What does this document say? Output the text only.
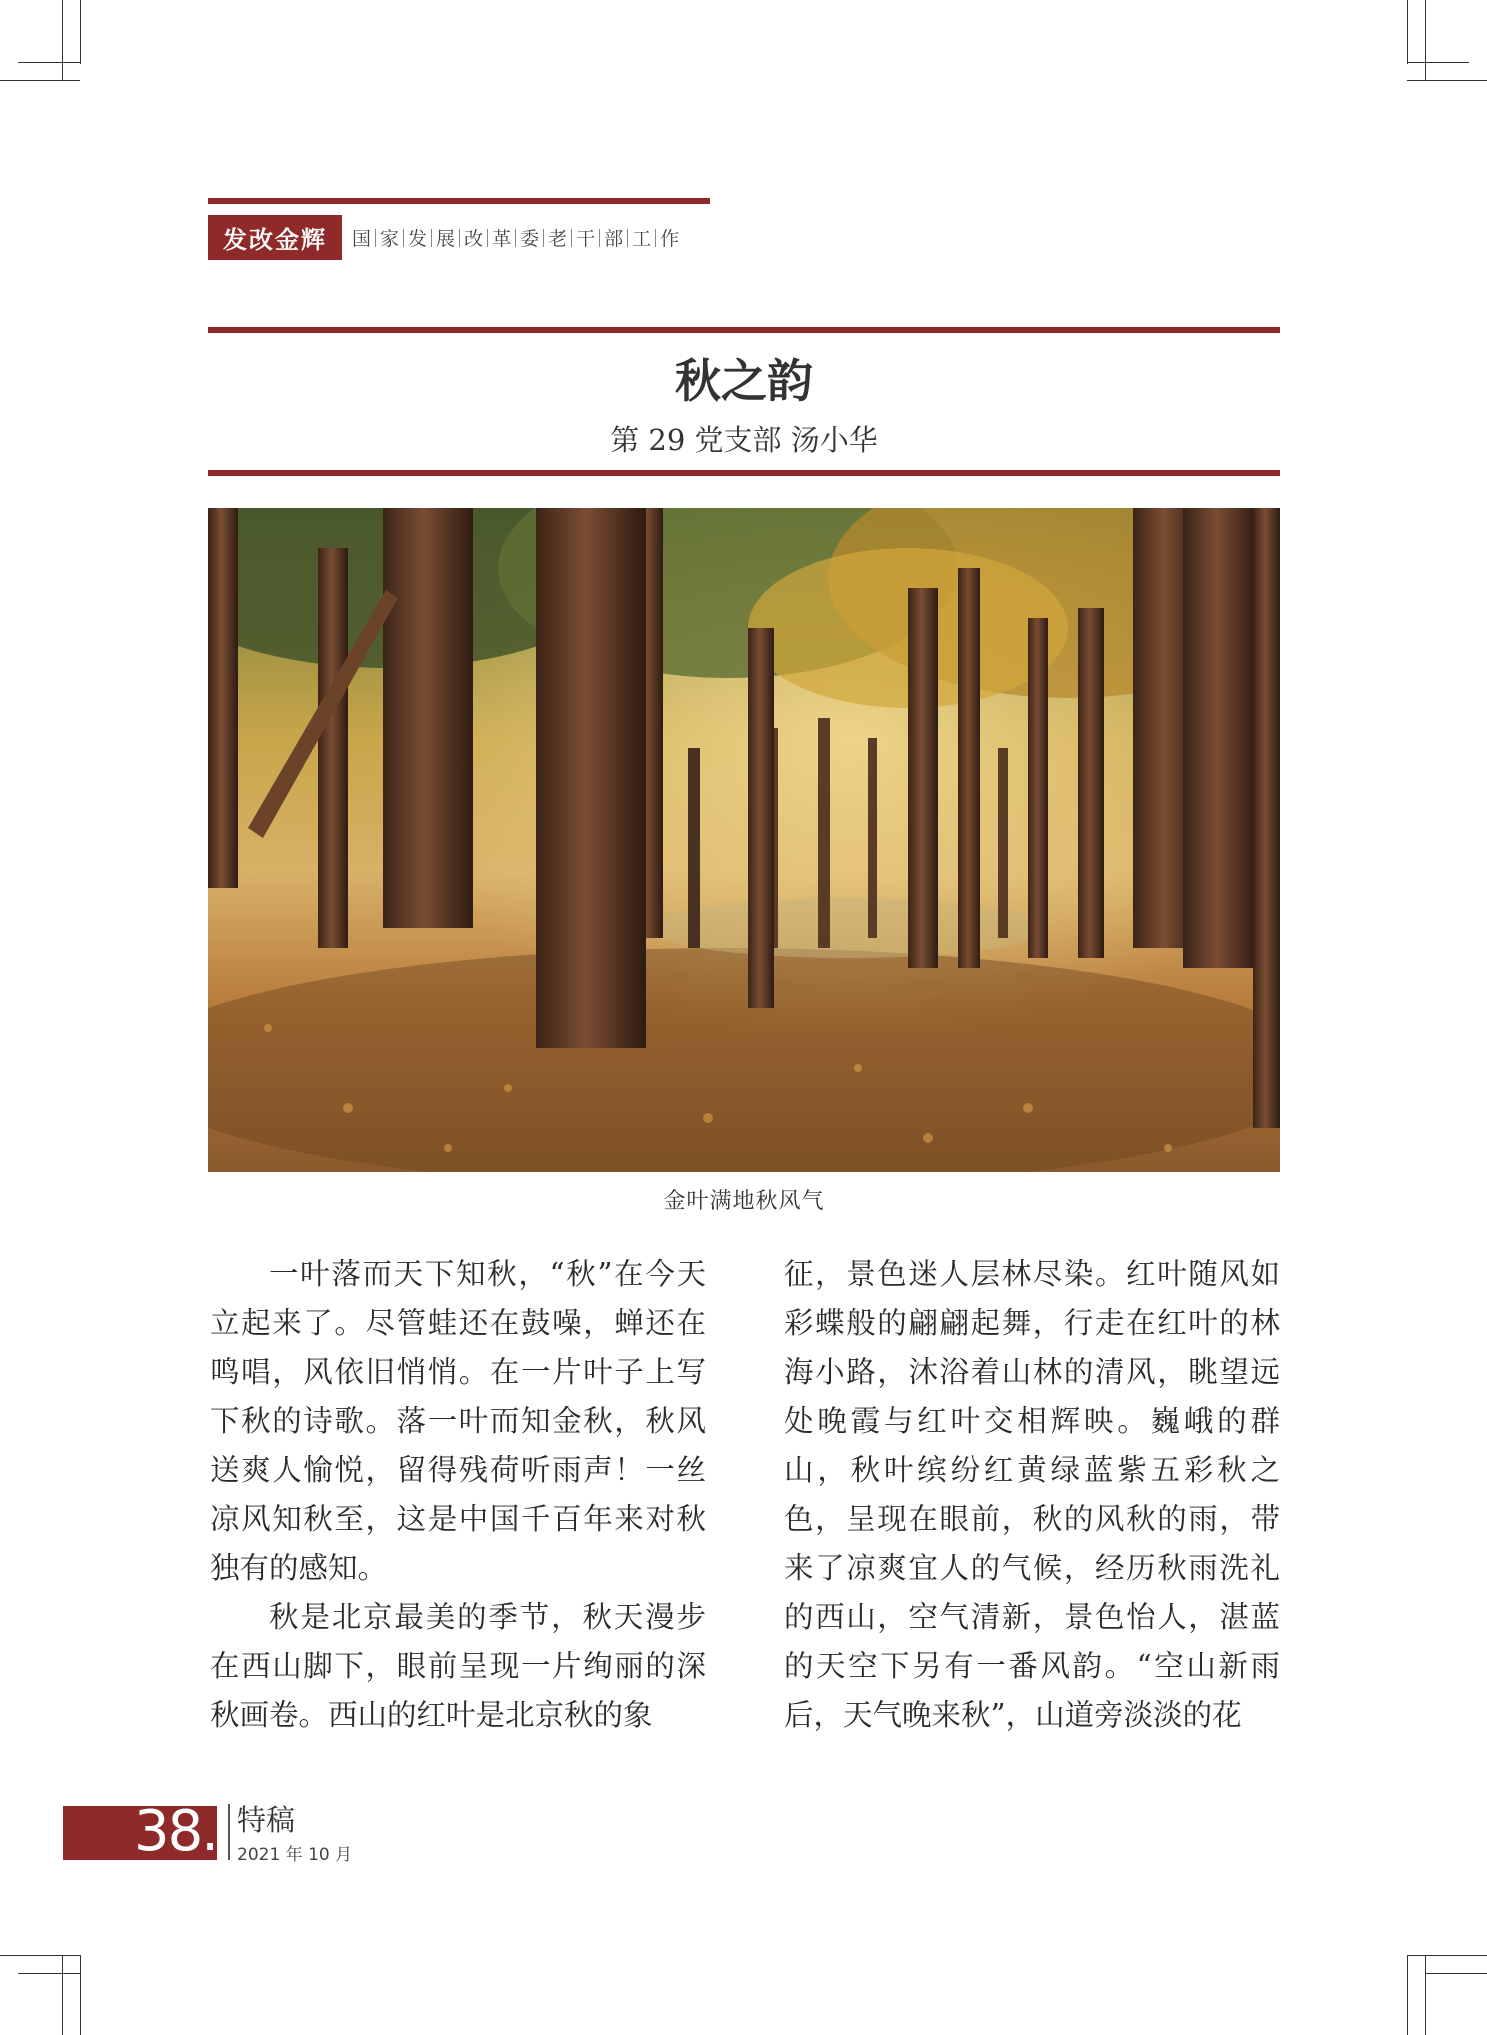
发改金辉	国 家 发 展 改 革 委 老 干 部 工 作
秋之韵
第 29 党支部 汤小华
金叶满地秋风气

一叶落而天下知秋，“秋”在今天立起来了。尽管蛙还在鼓噪，蝉还在鸣唱，风依旧悄悄。在一片叶子上写下秋的诗歌。落一叶而知金秋，秋风送爽人愉悦，留得残荷听雨声！一丝凉风知秋至，这是中国千百年来对秋独有的感知。

秋是北京最美的季节，秋天漫步在西山脚下，眼前呈现一片绚丽的深秋画卷。西山的红叶是北京秋的象

征，景色迷人层林尽染。红叶随风如彩蝶般的翩翩起舞，行走在红叶的林海小路，沐浴着山林的清风，眺望远处晚霞与红叶交相辉映。巍峨的群山，秋叶缤纷红黄绿蓝紫五彩秋之色，呈现在眼前，秋的风秋的雨，带来了凉爽宜人的气候，经历秋雨洗礼的西山，空气清新，景色怡人，湛蓝的天空下另有一番风韵。“空山新雨后，天气晚来秋”，山道旁淡淡的花

38. 特稿
2021 年 10 月
